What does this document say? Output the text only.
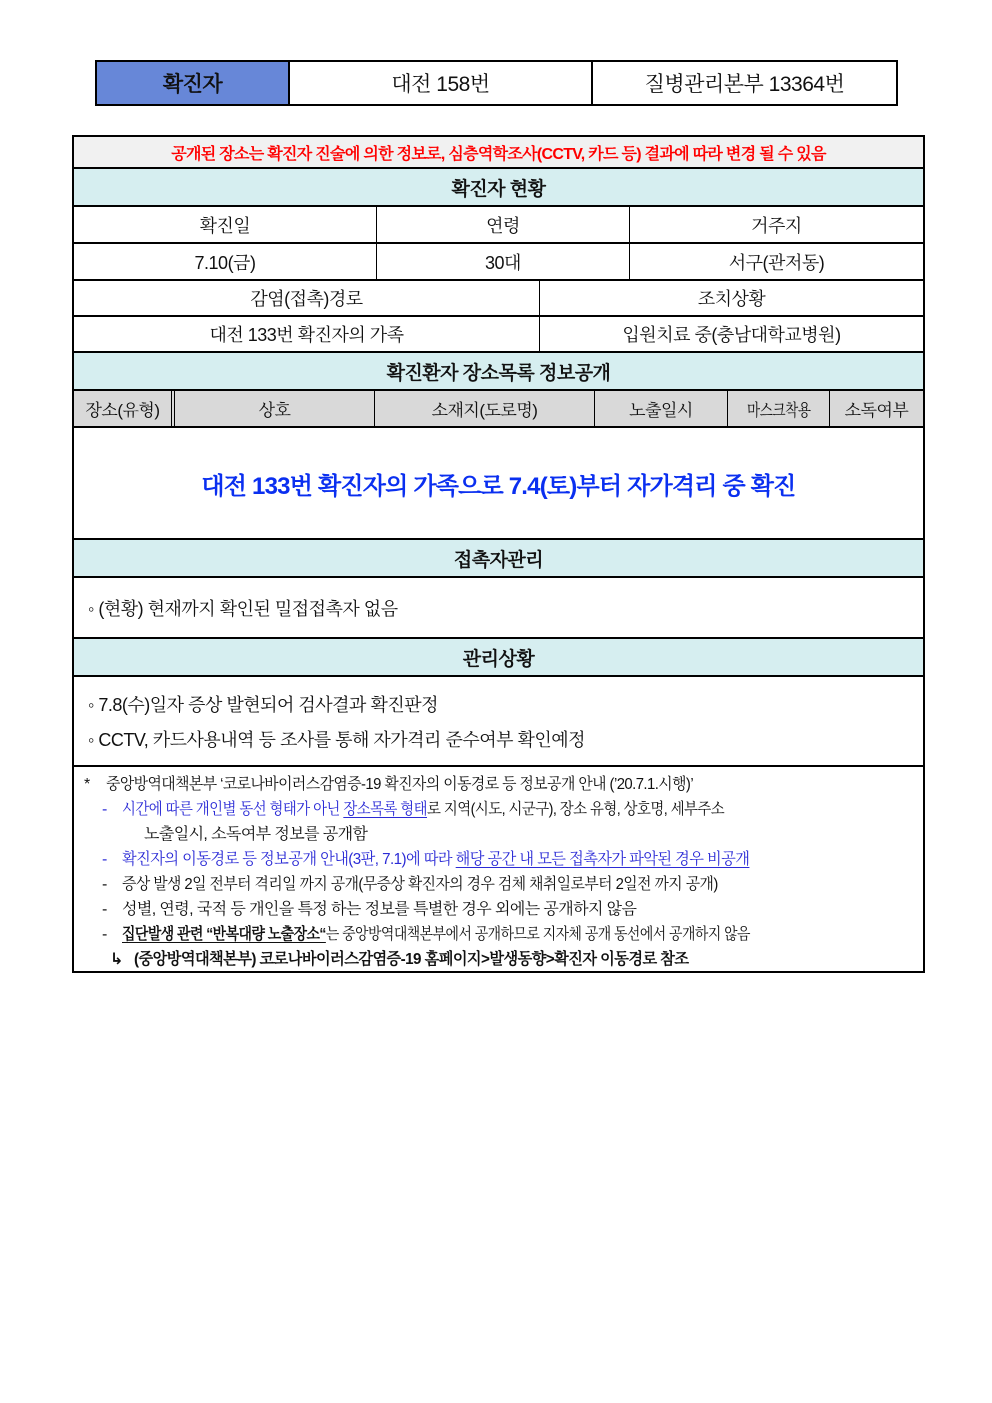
확진자	대전 158번	질병관리본부 13364번
공개된 장소는 확진자 진술에 의한 정보로, 심층역학조사(CCTV, 카드 등) 결과에 따라 변경 될 수 있음
확진자 현황
확진일	연령	거주지
7.10(금)	30대	서구(관저동)
감염(접촉)경로	조치상황
대전 133번 확진자의 가족	입원치료 중(충남대학교병원)
확진환자 장소목록 정보공개
장소(유형)	상호	소재지(도로명)	노출일시	마스크착용	소독여부
대전 133번 확진자의 가족으로 7.4(토)부터 자가격리 중 확진
접촉자관리
◦ (현황) 현재까지 확인된 밀접접촉자 없음
관리상황
◦ 7.8(수)일자 증상 발현되어 검사결과 확진판정
◦ CCTV, 카드사용내역 등 조사를 통해 자가격리 준수여부 확인예정
*	중앙방역대책본부 ‘코로나바이러스감염증-19 확진자의 이동경로 등 정보공개 안내 (’20.7.1.시행)’
- 시간에 따른 개인별 동선 형태가 아닌 장소목록 형태로 지역(시도, 시군구), 장소 유형, 상호명, 세부주소
노출일시, 소독여부 정보를 공개함
- 확진자의 이동경로 등 정보공개 안내(3판, 7.1)에 따라 해당 공간 내 모든 접촉자가 파악된 경우 비공개
- 증상 발생 2일 전부터 격리일 까지 공개(무증상 확진자의 경우 검체 채취일로부터 2일전 까지 공개)
- 성별, 연령, 국적 등 개인을 특정 하는 정보를 특별한 경우 외에는 공개하지 않음
- 집단발생 관련 “반복대량 노출장소“는 중앙방역대책본부에서 공개하므로 지자체 공개 동선에서 공개하지 않음
↳ (중앙방역대책본부) 코로나바이러스감염증-19 홈페이지>발생동향>확진자 이동경로 참조
